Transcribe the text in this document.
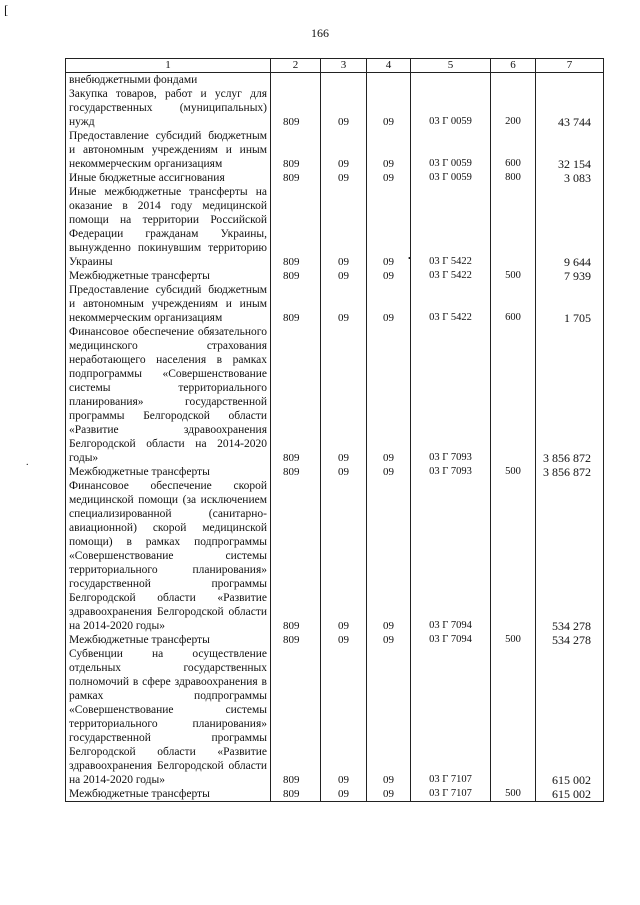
[
166
.
•
1	2	3	4	5	6	7
внебюджетными фондами						
Закупка товаров, работ и услуг для государственных (муниципальных) нужд	809	09	09	03 Г 0059	200	43 744
Предоставление субсидий бюджетным и автономным учреждениям и иным некоммерческим организациям	809	09	09	03 Г 0059	600	32 154
Иные бюджетные ассигнования	809	09	09	03 Г 0059	800	3 083
Иные межбюджетные трансферты на оказание в 2014 году медицинской помощи на территории Российской Федерации гражданам Украины, вынужденно покинувшим территорию Украины	809	09	09	03 Г 5422		9 644
Межбюджетные трансферты	809	09	09	03 Г 5422	500	7 939
Предоставление субсидий бюджетным и автономным учреждениям и иным некоммерческим организациям	809	09	09	03 Г 5422	600	1 705
Финансовое обеспечение обязательного медицинского страхования неработающего населения в рамках подпрограммы «Совершенствование системы территориального планирования» государственной программы Белгородской области «Развитие здравоохранения Белгородской области на 2014-2020 годы»	809	09	09	03 Г 7093		3 856 872
Межбюджетные трансферты	809	09	09	03 Г 7093	500	3 856 872
Финансовое обеспечение скорой медицинской помощи (за исключением специализированной (санитарно-авиационной) скорой медицинской помощи) в рамках подпрограммы «Совершенствование системы территориального планирования» государственной программы Белгородской области «Развитие здравоохранения Белгородской области на 2014-2020 годы»	809	09	09	03 Г 7094		534 278
Межбюджетные трансферты	809	09	09	03 Г 7094	500	534 278
Субвенции на осуществление отдельных государственных полномочий в сфере здравоохранения в рамках подпрограммы «Совершенствование системы территориального планирования» государственной программы Белгородской области «Развитие здравоохранения Белгородской области на 2014-2020 годы»	809	09	09	03 Г 7107		615 002
Межбюджетные трансферты	809	09	09	03 Г 7107	500	615 002
